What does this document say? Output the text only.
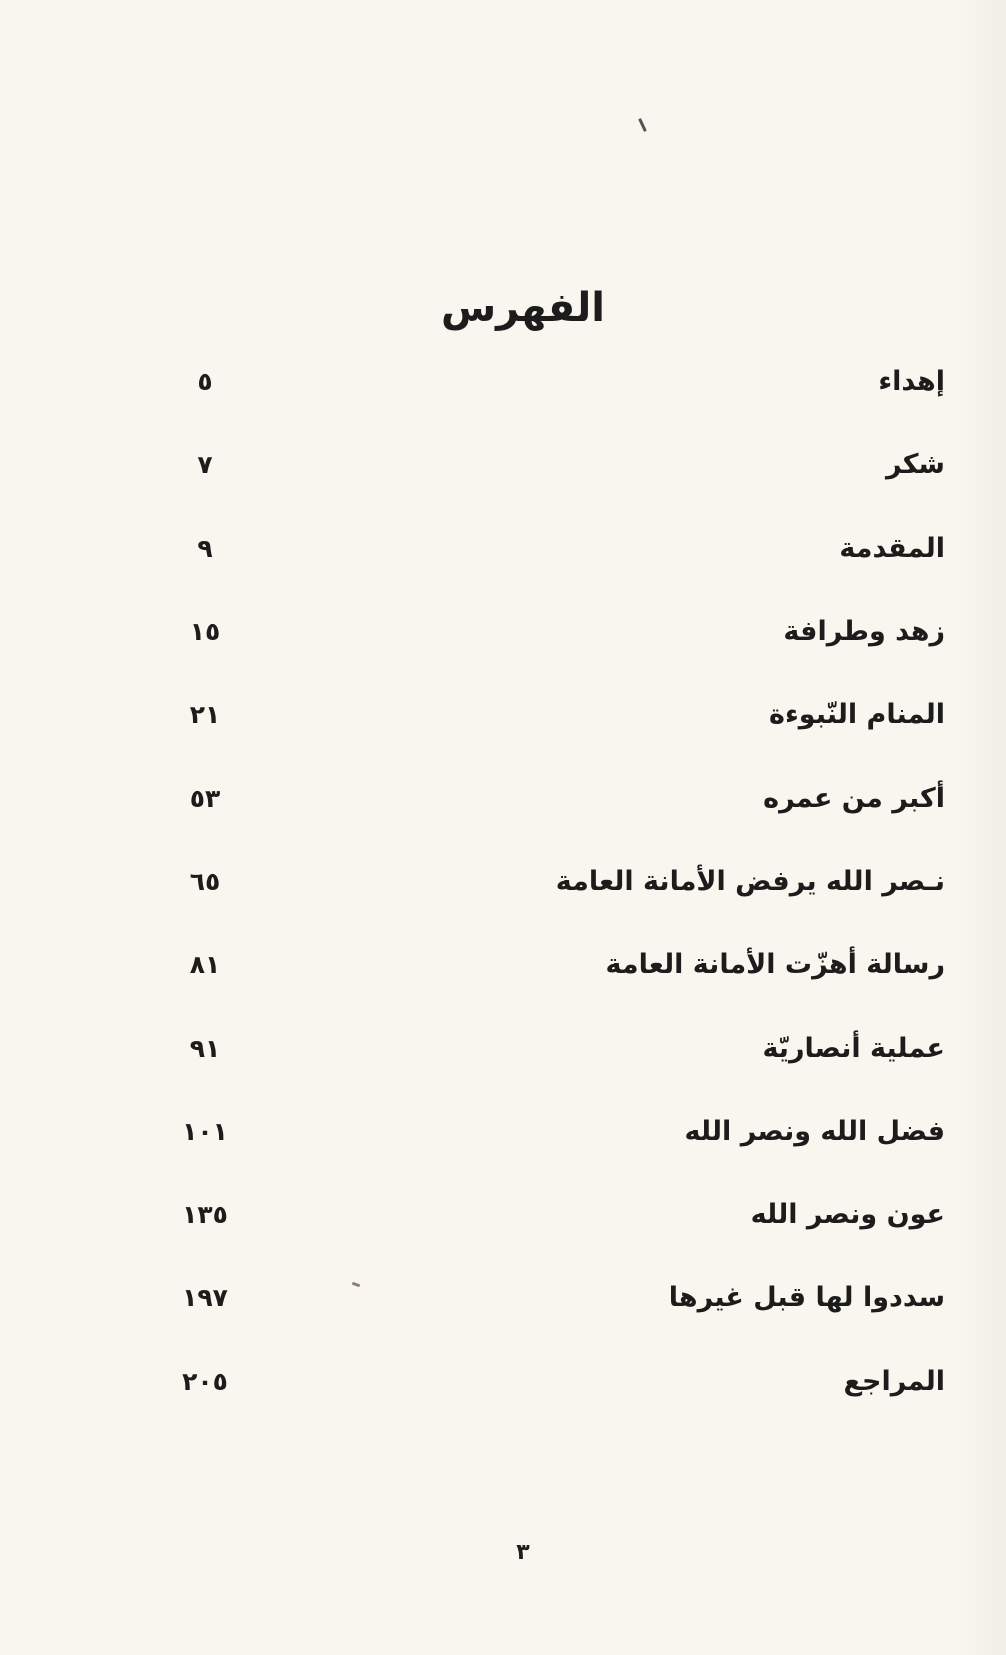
الفهرس
إهداء
٥
شكر
٧
المقدمة
٩
زهد وطرافة
١٥
المنام النّبوءة
٢١
أكبر من عمره
٥٣
نـصر الله يرفض الأمانة العامة
٦٥
رسالة أهزّت الأمانة العامة
٨١
عملية أنصاريّة
٩١
فضل الله ونصر الله
١٠١
عون ونصر الله
١٣٥
سددوا لها قبل غيرها
١٩٧
المراجع
٢٠٥
٣
